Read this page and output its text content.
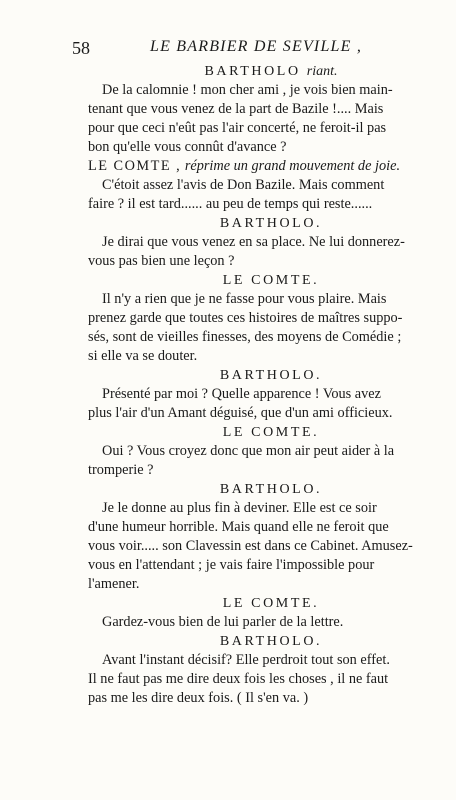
58	LE BARBIER DE SEVILLE ,
BARTHOLO riant.
De la calomnie ! mon cher ami , je vois bien main-
tenant que vous venez de la part de Bazile !.... Mais
pour que ceci n'eût pas l'air concerté, ne feroit-il pas
bon qu'elle vous connût d'avance ?
LE COMTE , réprime un grand mouvement de joie.
C'étoit assez l'avis de Don Bazile. Mais comment
faire ? il est tard...... au peu de temps qui reste......
BARTHOLO.
Je dirai que vous venez en sa place. Ne lui donnerez-
vous pas bien une leçon ?
LE COMTE.
Il n'y a rien que je ne fasse pour vous plaire. Mais
prenez garde que toutes ces histoires de maîtres suppo-
sés, sont de vieilles finesses, des moyens de Comédie ;
si elle va se douter.
BARTHOLO.
Présenté par moi ? Quelle apparence ! Vous avez
plus l'air d'un Amant déguisé, que d'un ami officieux.
LE COMTE.
Oui ? Vous croyez donc que mon air peut aider à la
tromperie ?
BARTHOLO.
Je le donne au plus fin à deviner. Elle est ce soir
d'une humeur horrible. Mais quand elle ne feroit que
vous voir..... son Clavessin est dans ce Cabinet. Amusez-
vous en l'attendant ; je vais faire l'impossible pour
l'amener.
LE COMTE.
Gardez-vous bien de lui parler de la lettre.
BARTHOLO.
Avant l'instant décisif? Elle perdroit tout son effet.
Il ne faut pas me dire deux fois les choses , il ne faut
pas me les dire deux fois. ( Il s'en va. )
